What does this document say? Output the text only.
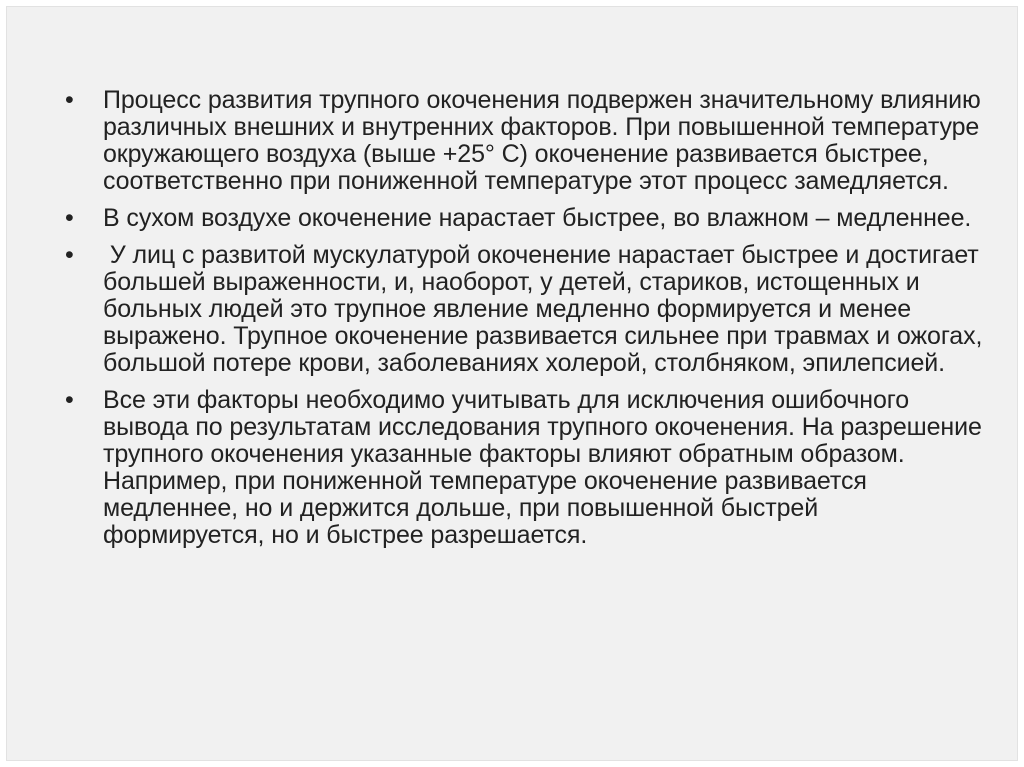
•	Процесс развития трупного окоченения подвержен значительному влиянию различных внешних и внутренних факторов. При повышенной температуре окружающего воздуха (выше +25° С) окоченение развивается быстрее, соответственно при пониженной температуре этот процесс замедляется.
•	В сухом воздухе окоченение нарастает быстрее, во влажном – медленнее.
•	У лиц с развитой мускулатурой окоченение нарастает быстрее и достигает большей выраженности, и, наоборот, у детей, стариков, истощенных и больных людей это трупное явление медленно формируется и менее выражено. Трупное окоченение развивается сильнее при травмах и ожогах, большой потере крови, заболеваниях холерой, столбняком, эпилепсией.
•	Все эти факторы необходимо учитывать для исключения ошибочного вывода по результатам исследования трупного окоченения. На разрешение трупного окоченения указанные факторы влияют обратным образом. Например, при пониженной температуре окоченение развивается медленнее, но и держится дольше, при повышенной быстрей формируется, но и быстрее разрешается.
